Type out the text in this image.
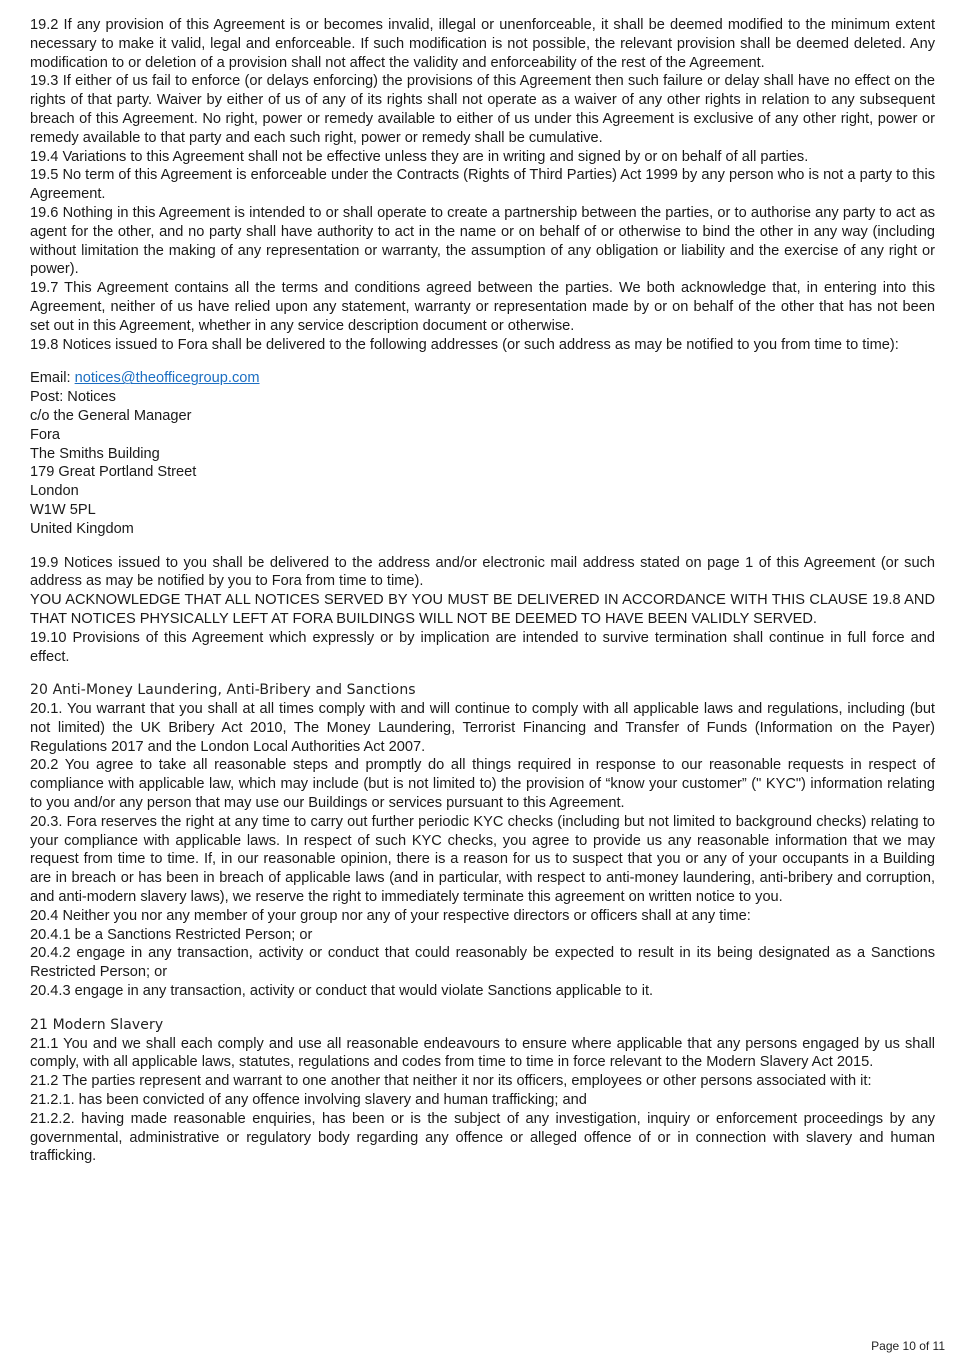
19.2 If any provision of this Agreement is or becomes invalid, illegal or unenforceable, it shall be deemed modified to the minimum extent necessary to make it valid, legal and enforceable. If such modification is not possible, the relevant provision shall be deemed deleted. Any modification to or deletion of a provision shall not affect the validity and enforceability of the rest of the Agreement.

19.3 If either of us fail to enforce (or delays enforcing) the provisions of this Agreement then such failure or delay shall have no effect on the rights of that party. Waiver by either of us of any of its rights shall not operate as a waiver of any other rights in relation to any subsequent breach of this Agreement. No right, power or remedy available to either of us under this Agreement is exclusive of any other right, power or remedy available to that party and each such right, power or remedy shall be cumulative.

19.4 Variations to this Agreement shall not be effective unless they are in writing and signed by or on behalf of all parties.

19.5 No term of this Agreement is enforceable under the Contracts (Rights of Third Parties) Act 1999 by any person who is not a party to this Agreement.

19.6 Nothing in this Agreement is intended to or shall operate to create a partnership between the parties, or to authorise any party to act as agent for the other, and no party shall have authority to act in the name or on behalf of or otherwise to bind the other in any way (including without limitation the making of any representation or warranty, the assumption of any obligation or liability and the exercise of any right or power).

19.7 This Agreement contains all the terms and conditions agreed between the parties. We both acknowledge that, in entering into this Agreement, neither of us have relied upon any statement, warranty or representation made by or on behalf of the other that has not been set out in this Agreement, whether in any service description document or otherwise.

19.8 Notices issued to Fora shall be delivered to the following addresses (or such address as may be notified to you from time to time):

Email: notices@theofficegroup.com

Post: Notices

c/o the General Manager

Fora

The Smiths Building

179 Great Portland Street

London

W1W 5PL

United Kingdom

19.9 Notices issued to you shall be delivered to the address and/or electronic mail address stated on page 1 of this Agreement (or such address as may be notified by you to Fora from time to time).

YOU ACKNOWLEDGE THAT ALL NOTICES SERVED BY YOU MUST BE DELIVERED IN ACCORDANCE WITH THIS CLAUSE 19.8 AND THAT NOTICES PHYSICALLY LEFT AT FORA BUILDINGS WILL NOT BE DEEMED TO HAVE BEEN VALIDLY SERVED.

19.10 Provisions of this Agreement which expressly or by implication are intended to survive termination shall continue in full force and effect.

20 Anti-Money Laundering, Anti-Bribery and Sanctions

20.1. You warrant that you shall at all times comply with and will continue to comply with all applicable laws and regulations, including (but not limited) the UK Bribery Act 2010, The Money Laundering, Terrorist Financing and Transfer of Funds (Information on the Payer) Regulations 2017 and the London Local Authorities Act 2007.

20.2 You agree to take all reasonable steps and promptly do all things required in response to our reasonable requests in respect of compliance with applicable law, which may include (but is not limited to) the provision of “know your customer” (" KYC") information relating to you and/or any person that may use our Buildings or services pursuant to this Agreement.

20.3. Fora reserves the right at any time to carry out further periodic KYC checks (including but not limited to background checks) relating to your compliance with applicable laws. In respect of such KYC checks, you agree to provide us any reasonable information that we may request from time to time. If, in our reasonable opinion, there is a reason for us to suspect that you or any of your occupants in a Building are in breach or has been in breach of applicable laws (and in particular, with respect to anti-money laundering, anti-bribery and corruption, and anti-modern slavery laws), we reserve the right to immediately terminate this agreement on written notice to you.

20.4 Neither you nor any member of your group nor any of your respective directors or officers shall at any time:

20.4.1 be a Sanctions Restricted Person; or

20.4.2 engage in any transaction, activity or conduct that could reasonably be expected to result in its being designated as a Sanctions Restricted Person; or

20.4.3 engage in any transaction, activity or conduct that would violate Sanctions applicable to it.

21 Modern Slavery

21.1 You and we shall each comply and use all reasonable endeavours to ensure where applicable that any persons engaged by us shall comply, with all applicable laws, statutes, regulations and codes from time to time in force relevant to the Modern Slavery Act 2015.

21.2 The parties represent and warrant to one another that neither it nor its officers, employees or other persons associated with it:

21.2.1. has been convicted of any offence involving slavery and human trafficking; and

21.2.2. having made reasonable enquiries, has been or is the subject of any investigation, inquiry or enforcement proceedings by any governmental, administrative or regulatory body regarding any offence or alleged offence of or in connection with slavery and human trafficking.

Page 10 of 11
